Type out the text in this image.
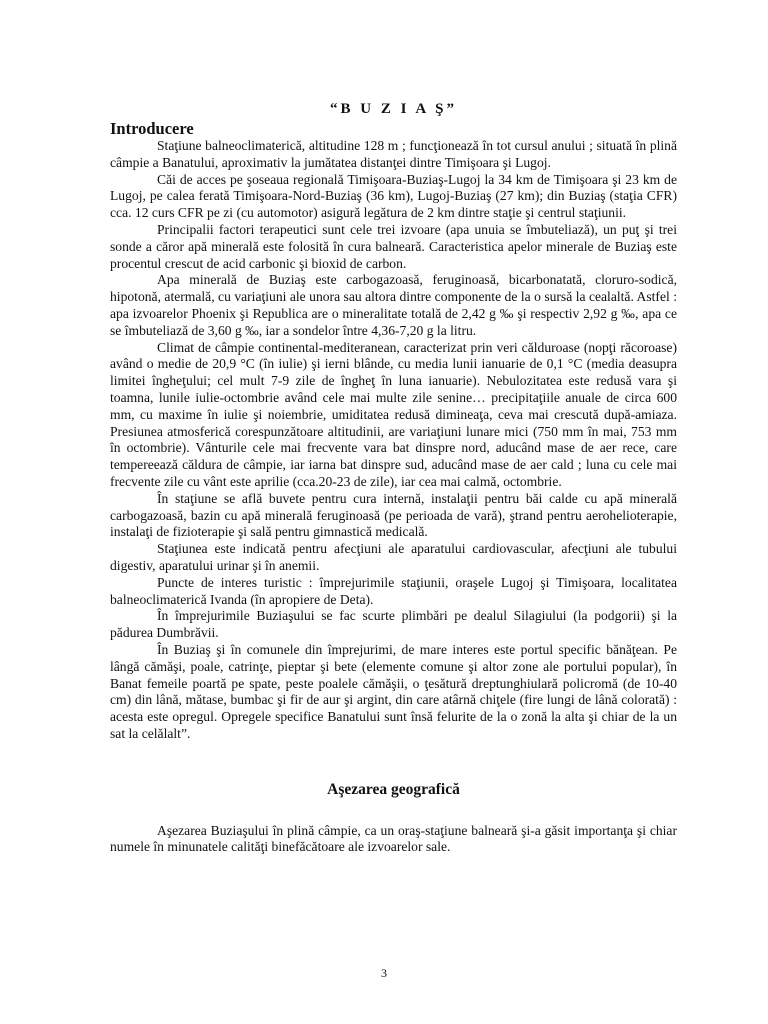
“B U Z I A Ş”
Introducere

Staţiune balneoclimaterică, altitudine 128 m ; funcţionează în tot cursul anului ; situată în plină câmpie a Banatului, aproximativ la jumătatea distanţei dintre Timişoara şi Lugoj.

Căi de acces pe şoseaua regională Timişoara-Buziaş-Lugoj la 34 km de Timişoara şi 23 km de Lugoj, pe calea ferată Timişoara-Nord-Buziaş (36 km), Lugoj-Buziaş (27 km); din Buziaş (staţia CFR) cca. 12 curs CFR pe zi (cu automotor) asigură legătura de 2 km dintre staţie şi centrul staţiunii.

Principalii factori terapeutici sunt cele trei izvoare (apa unuia se îmbuteliază), un puţ şi trei sonde a căror apă minerală este folosită în cura balneară. Caracteristica apelor minerale de Buziaş este procentul crescut de acid carbonic şi bioxid de carbon.

Apa minerală de Buziaş este carbogazoasă, feruginoasă, bicarbonatată, cloruro-sodică, hipotonă, atermală, cu variaţiuni ale unora sau altora dintre componente de la o sursă la cealaltă. Astfel : apa izvoarelor Phoenix şi Republica are o mineralitate totală de 2,42 g ‰ şi respectiv 2,92 g ‰, apa ce se îmbuteliază de 3,60 g ‰, iar a sondelor între 4,36-7,20 g la litru.

Climat de câmpie continental-mediteranean, caracterizat prin veri călduroase (nopţi răcoroase) având o medie de 20,9 °C (în iulie) şi ierni blânde, cu media lunii ianuarie de 0,1 °C (media deasupra limitei îngheţului; cel mult 7-9 zile de îngheţ în luna ianuarie). Nebulozitatea este redusă vara şi toamna, lunile iulie-octombrie având cele mai multe zile senine… precipitaţiile anuale de circa 600 mm, cu maxime în iulie şi noiembrie, umiditatea redusă dimineaţa, ceva mai crescută după-amiaza. Presiunea atmosferică corespunzătoare altitudinii, are variaţiuni lunare mici (750 mm în mai, 753 mm în octombrie). Vânturile cele mai frecvente vara bat dinspre nord, aducând mase de aer rece, care tempereează căldura de câmpie, iar iarna bat dinspre sud, aducând mase de aer cald ; luna cu cele mai frecvente zile cu vânt este aprilie (cca.20-23 de zile), iar cea mai calmă, octombrie.

În staţiune se află buvete pentru cura internă, instalaţii pentru băi calde cu apă minerală carbogazoasă, bazin cu apă minerală feruginoasă (pe perioada de vară), ştrand pentru aerohelioterapie, instalaţi de fizioterapie şi sală pentru gimnastică medicală.

Staţiunea este indicată pentru afecţiuni ale aparatului cardiovascular, afecţiuni ale tubului digestiv, aparatului urinar şi în anemii.

Puncte de interes turistic : împrejurimile staţiunii, oraşele Lugoj şi Timişoara, localitatea balneoclimaterică Ivanda (în apropiere de Deta).

În împrejurimile Buziaşului se fac scurte plimbări pe dealul Silagiului (la podgorii) şi la pădurea Dumbrăvii.

În Buziaş şi în comunele din împrejurimi, de mare interes este portul specific bănăţean. Pe lângă cămăşi, poale, catrinţe, pieptar şi bete (elemente comune şi altor zone ale portului popular), în Banat femeile poartă pe spate, peste poalele cămăşii, o ţesătură dreptunghiulară policromă (de 10-40 cm) din lână, mătase, bumbac şi fir de aur şi argint, din care atârnă chiţele (fire lungi de lână colorată) : acesta este opregul. Opregele specifice Banatului sunt însă felurite de la o zonă la alta şi chiar de la un sat la celălalt”.

Aşezarea geografică

Aşezarea Buziaşului în plină câmpie, ca un oraş-staţiune balneară şi-a găsit importanţa şi chiar numele în minunatele calităţi binefăcătoare ale izvoarelor sale.

3
